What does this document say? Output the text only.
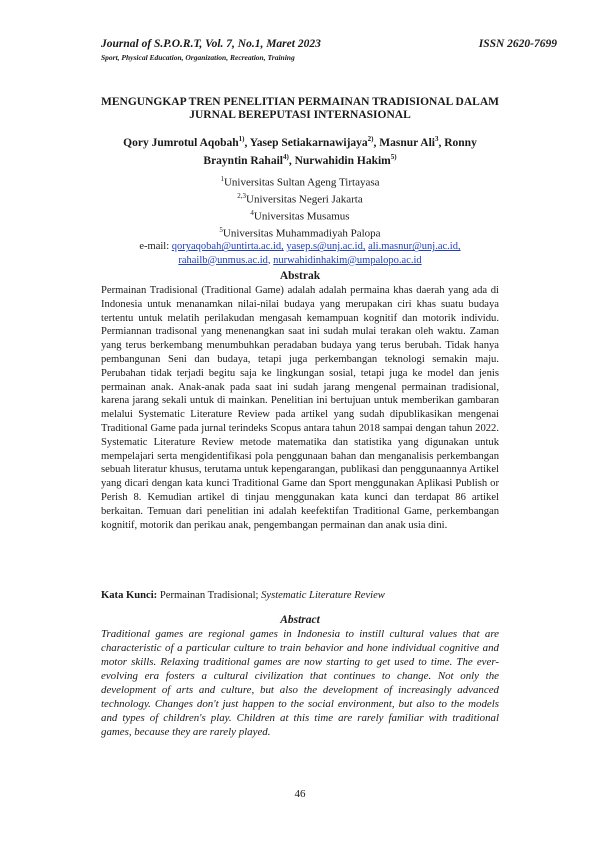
Journal of S.P.O.R.T, Vol. 7, No.1, Maret 2023	ISSN 2620-7699
Sport, Physical Education, Organization, Recreation, Training
MENGUNGKAP TREN PENELITIAN PERMAINAN TRADISIONAL DALAM
JURNAL BEREPUTASI INTERNASIONAL
Qory Jumrotul Aqobah$^{1)}$, Yasep Setiakarnawijaya$^{2)}$, Masnur Ali$^3$, Ronny Brayntin Rahail$^{4)}$, Nurwahidin Hakim$^{5)}$
$^1$Universitas Sultan Ageng Tirtayasa
$^{2,3}$Universitas Negeri Jakarta
$^4$Universitas Musamus
$^5$Universitas Muhammadiyah Palopa
e-mail: qoryaqobah@untirta.ac.id, yasep.s@unj.ac.id, ali.masnur@unj.ac.id,
rahailb@unmus.ac.id, nurwahidinhakim@umpalopo.ac.id
Abstrak

Permainan Tradisional (Traditional Game) adalah adalah permaina khas daerah yang ada di Indonesia untuk menanamkan nilai-nilai budaya yang merupakan ciri khas suatu budaya tertentu untuk melatih perilakudan mengasah kemampuan kognitif dan motorik individu. Permiannan tradisonal yang menenangkan saat ini sudah mulai terakan oleh waktu. Zaman yang terus berkembang menumbuhkan peradaban budaya yang terus berubah. Tidak hanya pembangunan Seni dan budaya, tetapi juga perkembangan teknologi semakin maju. Perubahan tidak terjadi begitu saja ke lingkungan sosial, tetapi juga ke model dan jenis permainan anak. Anak-anak pada saat ini sudah jarang mengenal permainan tradisional, karena jarang sekali untuk di mainkan. Penelitian ini bertujuan untuk memberikan gambaran melalui Systematic Literature Review pada artikel yang sudah dipublikasikan mengenai Traditional Game pada jurnal terindeks Scopus antara tahun 2018 sampai dengan tahun 2022. Systematic Literature Review metode matematika dan statistika yang digunakan untuk mempelajari serta mengidentifikasi pola penggunaan bahan dan menganalisis perkembangan sebuah literatur khusus, terutama untuk kepengarangan, publikasi dan penggunaannya Artikel yang dicari dengan kata kunci Traditional Game dan Sport menggunakan Aplikasi Publish or Perish 8. Kemudian artikel di tinjau menggunakan kata kunci dan terdapat 86 artikel berkaitan. Temuan dari penelitian ini adalah keefektifan Traditional Game, perkembangan kognitif, motorik dan perikau anak, pengembangan permainan dan anak usia dini.

Kata Kunci: Permainan Tradisional; Systematic Literature Review
Abstract

Traditional games are regional games in Indonesia to instill cultural values that are characteristic of a particular culture to train behavior and hone individual cognitive and motor skills. Relaxing traditional games are now starting to get used to time. The ever-evolving era fosters a cultural civilization that continues to change. Not only the development of arts and culture, but also the development of increasingly advanced technology. Changes don't just happen to the social environment, but also to the models and types of children's play. Children at this time are rarely familiar with traditional games, because they are rarely played.

46
